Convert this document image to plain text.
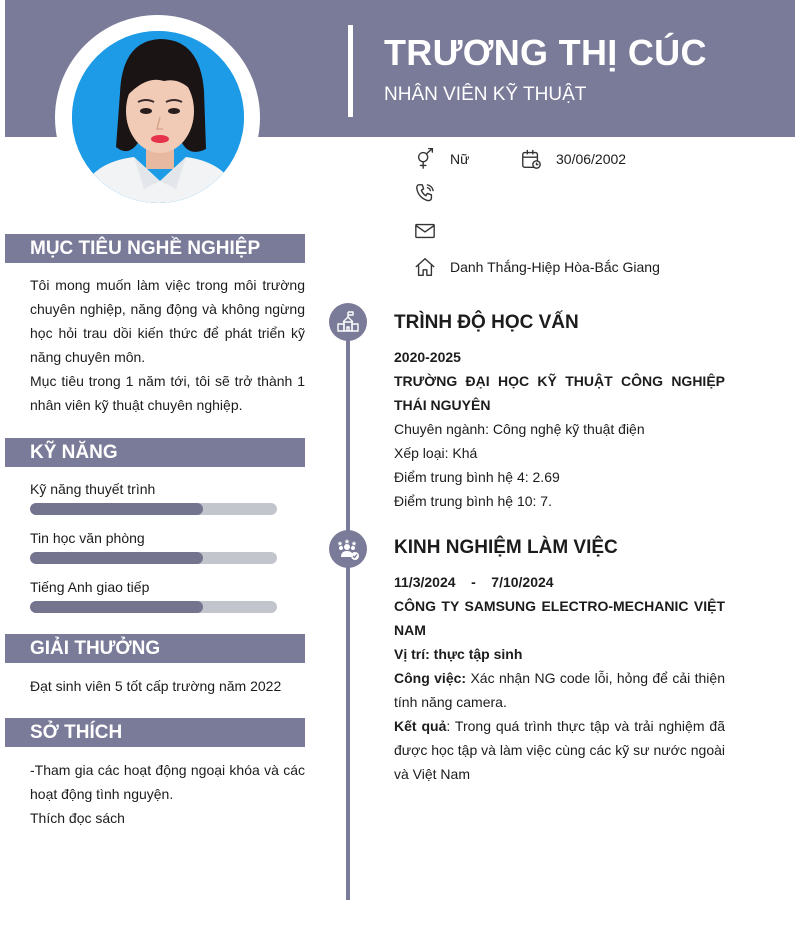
TRƯƠNG THỊ CÚC
NHÂN VIÊN KỸ THUẬT
Nữ	30/06/2002
Danh Thắng-Hiệp Hòa-Bắc Giang
MỤC TIÊU NGHỀ NGHIỆP

Tôi mong muốn làm việc trong môi trường chuyên nghiệp, năng động và không ngừng học hỏi trau dồi kiến thức để phát triển kỹ năng chuyên môn.

Mục tiêu trong 1 năm tới, tôi sẽ trở thành 1 nhân viên kỹ thuật chuyên nghiệp.

KỸ NĂNG
Kỹ năng thuyết trình
Tin học văn phòng
Tiếng Anh giao tiếp
GIẢI THƯỞNG
Đạt sinh viên 5 tốt cấp trường năm 2022
SỞ THÍCH

-Tham gia các hoạt động ngoại khóa và các hoạt động tình nguyện.

Thích đọc sách

TRÌNH ĐỘ HỌC VẤN
2020-2025
TRƯỜNG ĐẠI HỌC KỸ THUẬT CÔNG NGHIỆP THÁI NGUYÊN
Chuyên ngành: Công nghệ kỹ thuật điện
Xếp loại: Khá
Điểm trung bình hệ 4: 2.69
Điểm trung bình hệ 10: 7.
KINH NGHIỆM LÀM VIỆC
11/3/2024    -    7/10/2024
CÔNG TY SAMSUNG ELECTRO-MECHANIC VIỆT NAM
Vị trí: thực tập sinh
Công việc: Xác nhận NG code lỗi, hỏng để cải thiện tính năng camera.
Kết quả: Trong quá trình thực tập và trải nghiệm đã được học tập và làm việc cùng các kỹ sư nước ngoài và Việt Nam
